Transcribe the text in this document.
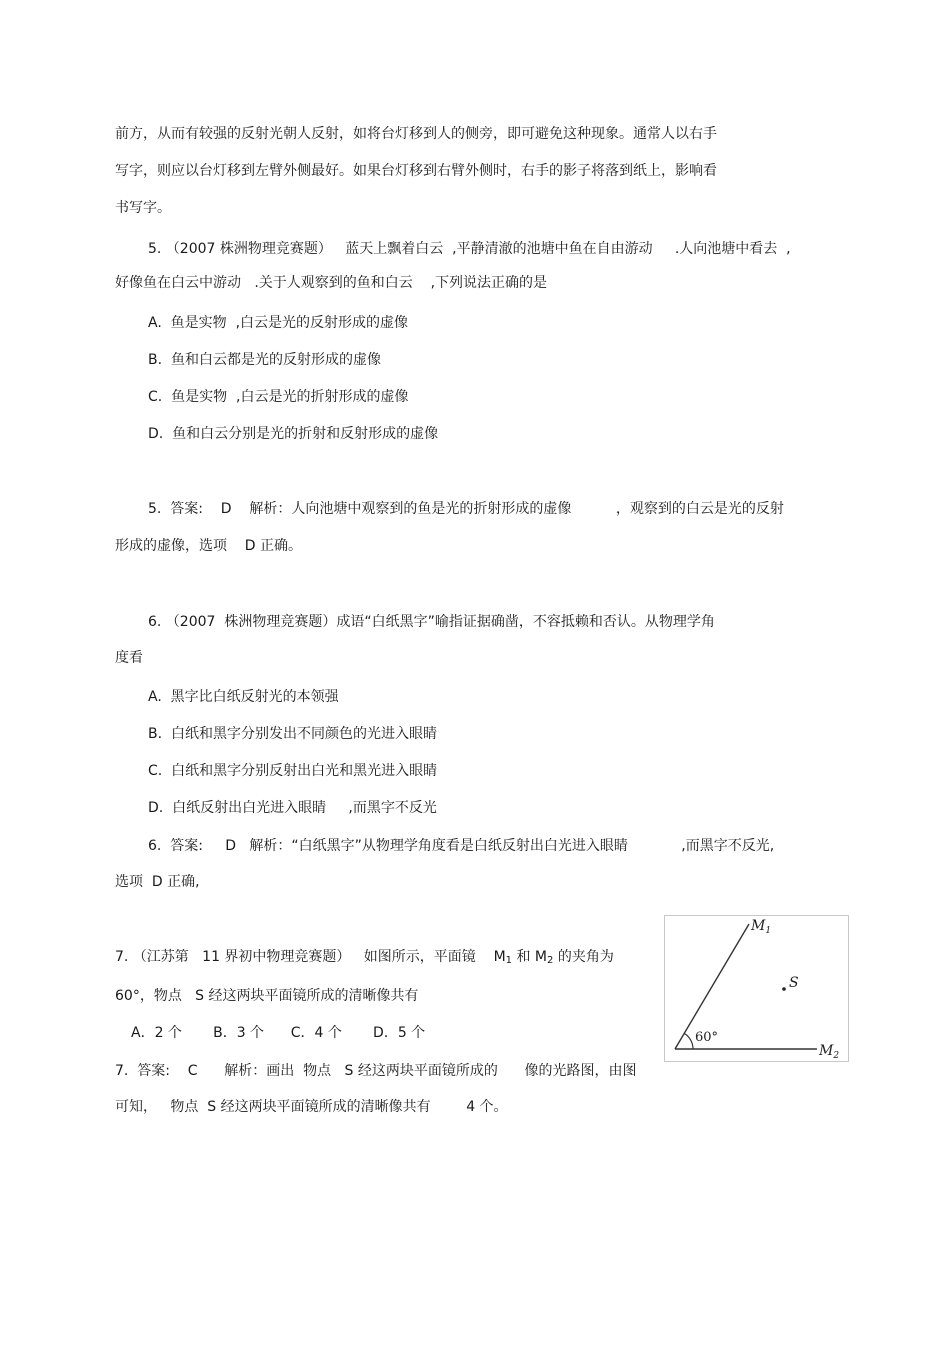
前方，从而有较强的反射光朝人反射，如将台灯移到人的侧旁，即可避免这种现象。通常人以右手
写字，则应以台灯移到左臂外侧最好。如果台灯移到右臂外侧时，右手的影子将落到纸上，影响看
书写字。
5. （2007 株洲物理竞赛题）   蓝天上飘着白云  ,平静清澈的池塘中鱼在自由游动     .人向池塘中看去  ,
好像鱼在白云中游动   .关于人观察到的鱼和白云    ,下列说法正确的是
A.  鱼是实物  ,白云是光的反射形成的虚像
B.  鱼和白云都是光的反射形成的虚像
C.  鱼是实物  ,白云是光的折射形成的虚像
D.  鱼和白云分别是光的折射和反射形成的虚像
5.  答案:    D    解析：人向池塘中观察到的鱼是光的折射形成的虚像          ，观察到的白云是光的反射
形成的虚像，选项    D 正确。
6. （2007  株洲物理竞赛题）成语“白纸黑字”喻指证据确凿，不容抵赖和否认。从物理学角
度看
A.  黑字比白纸反射光的本领强
B.  白纸和黑字分别发出不同颜色的光进入眼睛
C.  白纸和黑字分别反射出白光和黑光进入眼睛
D.  白纸反射出白光进入眼睛     ,而黑字不反光
6.  答案:     D   解析：“白纸黑字”从物理学角度看是白纸反射出白光进入眼睛            ,而黑字不反光,
选项  D 正确,
7. （江苏第   11 界初中物理竞赛题）   如图所示，平面镜    $M_1$ 和 $M_2$ 的夹角为
60°，物点   S 经这两块平面镜所成的清晰像共有
A．2 个       B．3 个      C．4 个       D．5 个
7.  答案:    C      解析：画出  物点   S 经这两块平面镜所成的      像的光路图，由图
可知，   物点  S 经这两块平面镜所成的清晰像共有        4 个。
60°
$M_1$
$M_2$
S
